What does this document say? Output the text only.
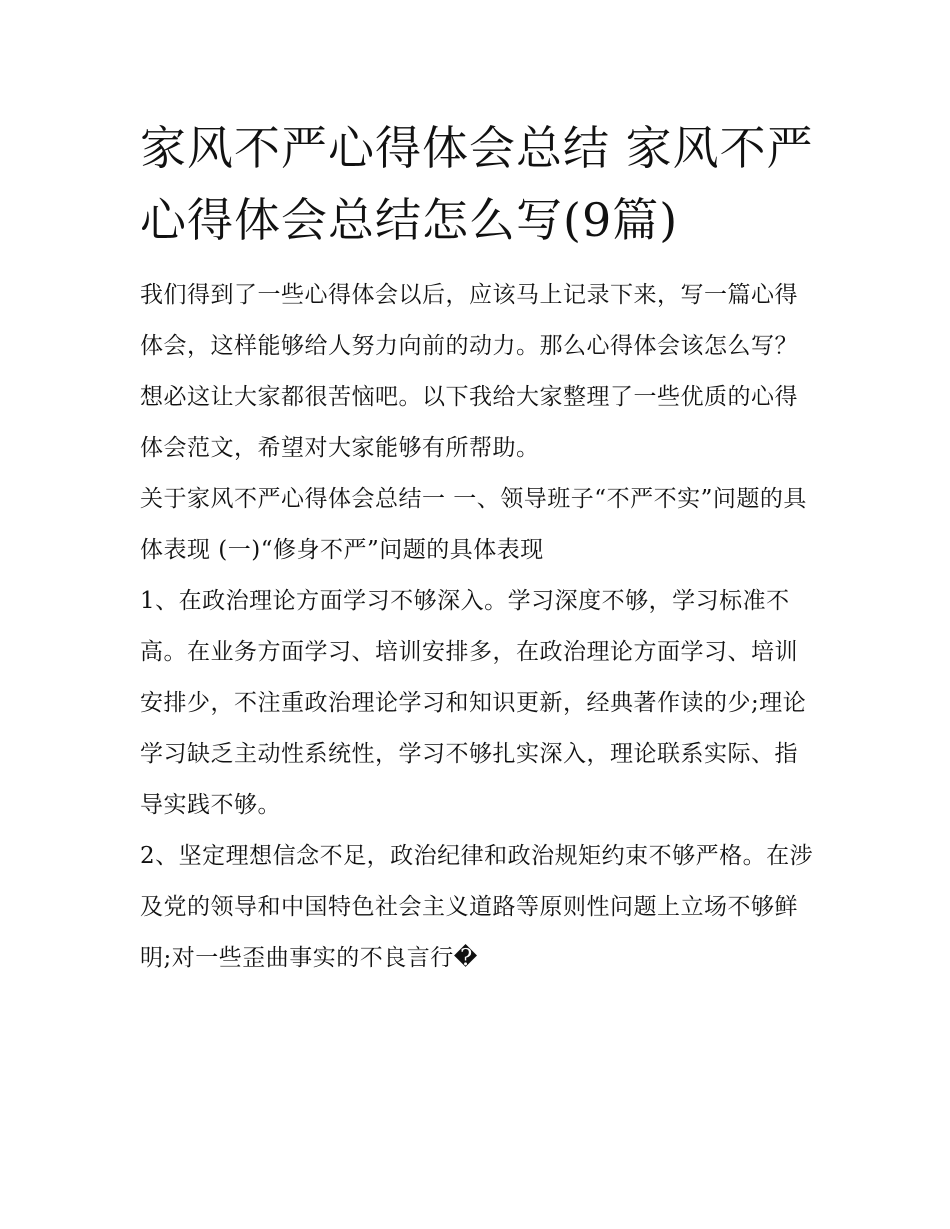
家风不严心得体会总结 家风不严心得体会总结怎么写(9篇)

我们得到了一些心得体会以后，应该马上记录下来，写一篇心得体会，这样能够给人努力向前的动力。那么心得体会该怎么写？想必这让大家都很苦恼吧。以下我给大家整理了一些优质的心得体会范文，希望对大家能够有所帮助。

关于家风不严心得体会总结一 一、领导班子“不严不实”问题的具体表现 (一)“修身不严”问题的具体表现

1、在政治理论方面学习不够深入。学习深度不够，学习标准不高。在业务方面学习、培训安排多，在政治理论方面学习、培训安排少，不注重政治理论学习和知识更新，经典著作读的少;理论学习缺乏主动性系统性，学习不够扎实深入，理论联系实际、指导实践不够。

2、坚定理想信念不足，政治纪律和政治规矩约束不够严格。在涉及党的领导和中国特色社会主义道路等原则性问题上立场不够鲜明;对一些歪曲事实的不良言行�
